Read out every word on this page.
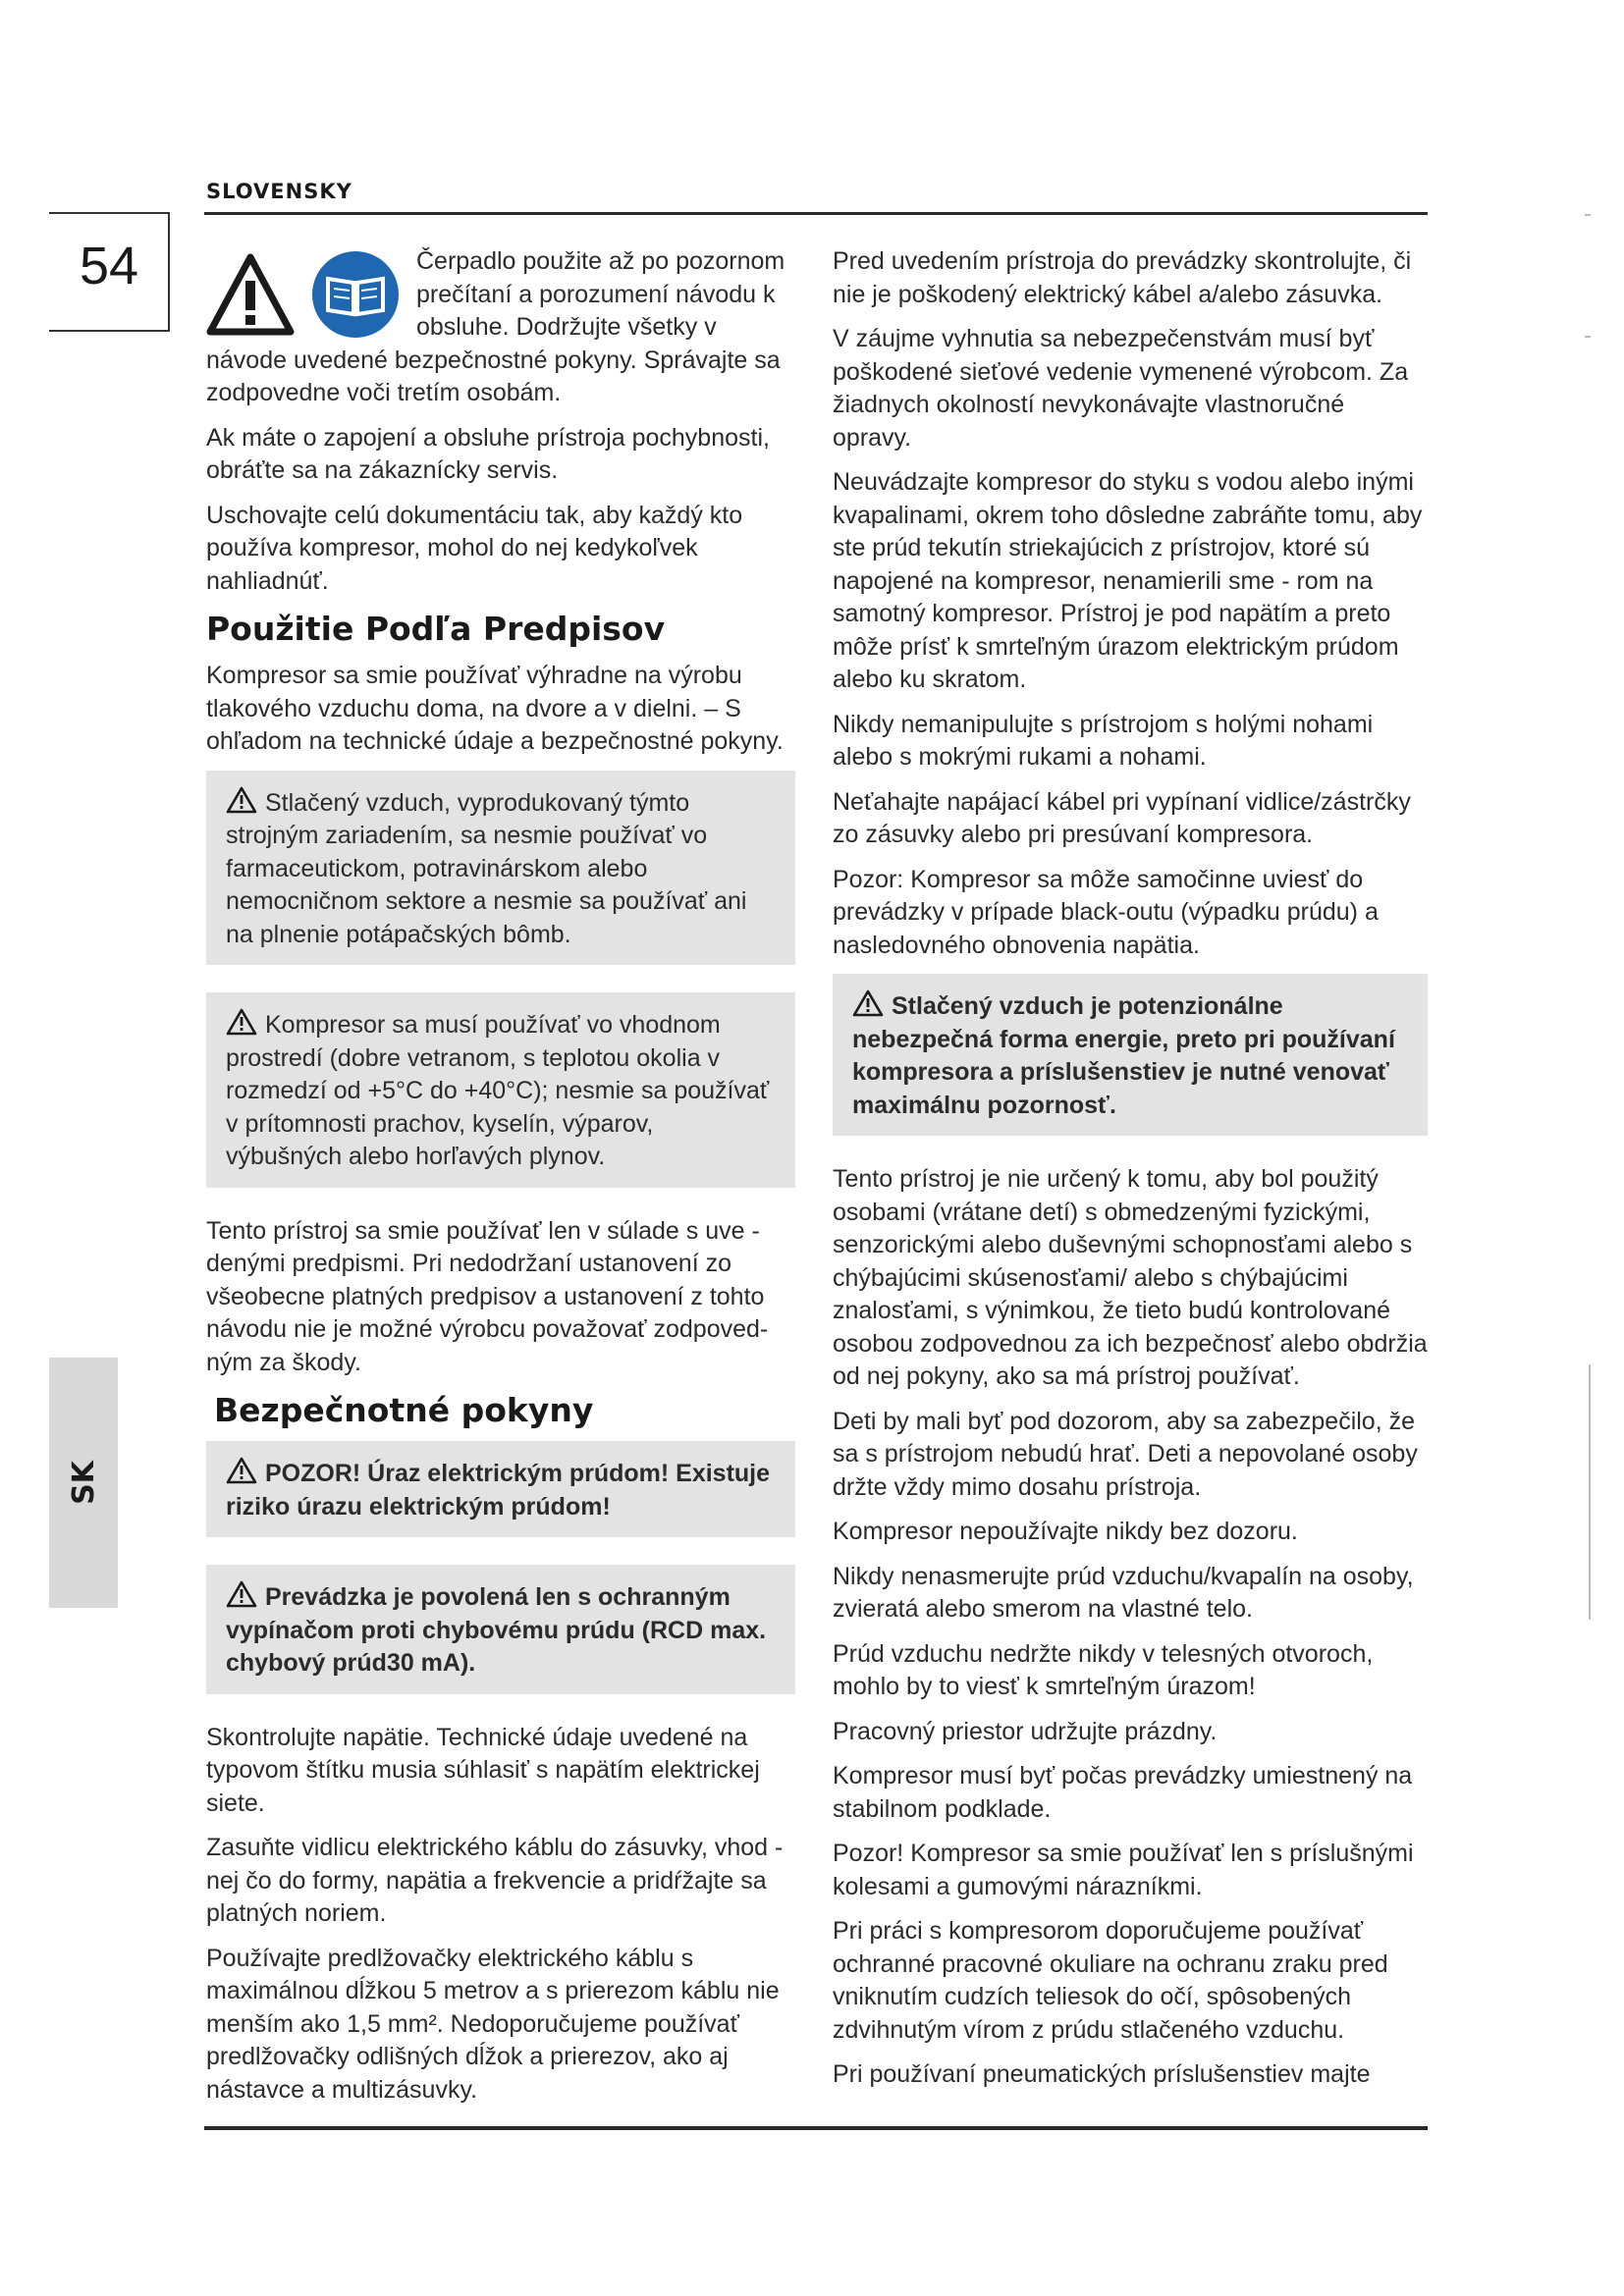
SLOVENSKY
54
SK

Čerpadlo použite až po pozornom prečítaní a porozumení návodu k obsluhe. Dodržujte všetky v návode uvedené bezpečnostné pokyny. Správajte sa zodpovedne voči tretím osobám.

Ak máte o zapojení a obsluhe prístroja pochybnosti, obráťte sa na zákaznícky servis.

Uschovajte celú dokumentáciu tak, aby každý kto používa kompresor, mohol do nej kedykoľvek nahliadnúť.

Použitie Podľa Predpisov

Kompresor sa smie používať výhradne na výrobu tlakového vzduchu doma, na dvore a v dielni. – S ohľadom na technické údaje a bezpečnostné pokyny.

Stlačený vzduch, vyprodukovaný týmto strojným zariadením, sa nesmie používať vo farmaceutickom, potravinárskom alebo nemocničnom sektore a nesmie sa používať ani na plnenie potápačských bômb.
Kompresor sa musí používať vo vhodnom prostredí (dobre vetranom, s teplotou okolia v rozmedzí od +5°C do +40°C); nesmie sa používať v prítomnosti prachov, kyselín, výparov, výbušných alebo horľavých plynov.

Tento prístroj sa smie používať len v súlade s uve - denými predpismi. Pri nedodržaní ustanovení zo všeobecne platných predpisov a ustanovení z tohto návodu nie je možné výrobcu považovať zodpoved- ným za škody.

Bezpečnotné pokyny
POZOR! Úraz elektrickým prúdom! Existuje riziko úrazu elektrickým prúdom!
Prevádzka je povolená len s ochranným vypínačom proti chybovému prúdu (RCD max. chybový prúd30 mA).

Skontrolujte napätie. Technické údaje uvedené na typovom štítku musia súhlasiť s napätím elektrickej siete.

Zasuňte vidlicu elektrického káblu do zásuvky, vhod - nej čo do formy, napätia a frekvencie a pridŕžajte sa platných noriem.

Používajte predlžovačky elektrického káblu s maximálnou dĺžkou 5 metrov a s prierezom káblu nie menším ako 1,5 mm². Nedoporučujeme používať predlžovačky odlišných dĺžok a prierezov, ako aj nástavce a multizásuvky.

Pred uvedením prístroja do prevádzky skontrolujte, či nie je poškodený elektrický kábel a/alebo zásuvka.

V záujme vyhnutia sa nebezpečenstvám musí byť poškodené sieťové vedenie vymenené výrobcom. Za žiadnych okolností nevykonávajte vlastnoručné opravy.

Neuvádzajte kompresor do styku s vodou alebo inými kvapalinami, okrem toho dôsledne zabráňte tomu, aby ste prúd tekutín striekajúcich z prístrojov, ktoré sú napojené na kompresor, nenamierili sme - rom na samotný kompresor. Prístroj je pod napätím a preto môže prísť k smrteľným úrazom elektrickým prúdom alebo ku skratom.

Nikdy nemanipulujte s prístrojom s holými nohami alebo s mokrými rukami a nohami.

Neťahajte napájací kábel pri vypínaní vidlice/zástrčky zo zásuvky alebo pri presúvaní kompresora.

Pozor: Kompresor sa môže samočinne uviesť do prevádzky v prípade black-outu (výpadku prúdu) a nasledovného obnovenia napätia.

Stlačený vzduch je potenzionálne nebezpečná forma energie, preto pri používaní kompresora a príslušenstiev je nutné venovať maximálnu pozornosť.

Tento prístroj je nie určený k tomu, aby bol použitý osobami (vrátane detí) s obmedzenými fyzickými, senzorickými alebo duševnými schopnosťami alebo s chýbajúcimi skúsenosťami/ alebo s chýbajúcimi znalosťami, s výnimkou, že tieto budú kontrolované osobou zodpovednou za ich bezpečnosť alebo obdržia od nej pokyny, ako sa má prístroj používať.

Deti by mali byť pod dozorom, aby sa zabezpečilo, že sa s prístrojom nebudú hrať. Deti a nepovolané osoby držte vždy mimo dosahu prístroja.

Kompresor nepoužívajte nikdy bez dozoru.

Nikdy nenasmerujte prúd vzduchu/kvapalín na osoby, zvieratá alebo smerom na vlastné telo.

Prúd vzduchu nedržte nikdy v telesných otvoroch, mohlo by to viesť k smrteľným úrazom!

Pracovný priestor udržujte prázdny.

Kompresor musí byť počas prevádzky umiestnený na stabilnom podklade.

Pozor! Kompresor sa smie používať len s príslušnými kolesami a gumovými nárazníkmi.

Pri práci s kompresorom doporučujeme používať ochranné pracovné okuliare na ochranu zraku pred vniknutím cudzích teliesok do očí, spôsobených zdvihnutým vírom z prúdu stlačeného vzduchu.

Pri používaní pneumatických príslušenstiev majte
